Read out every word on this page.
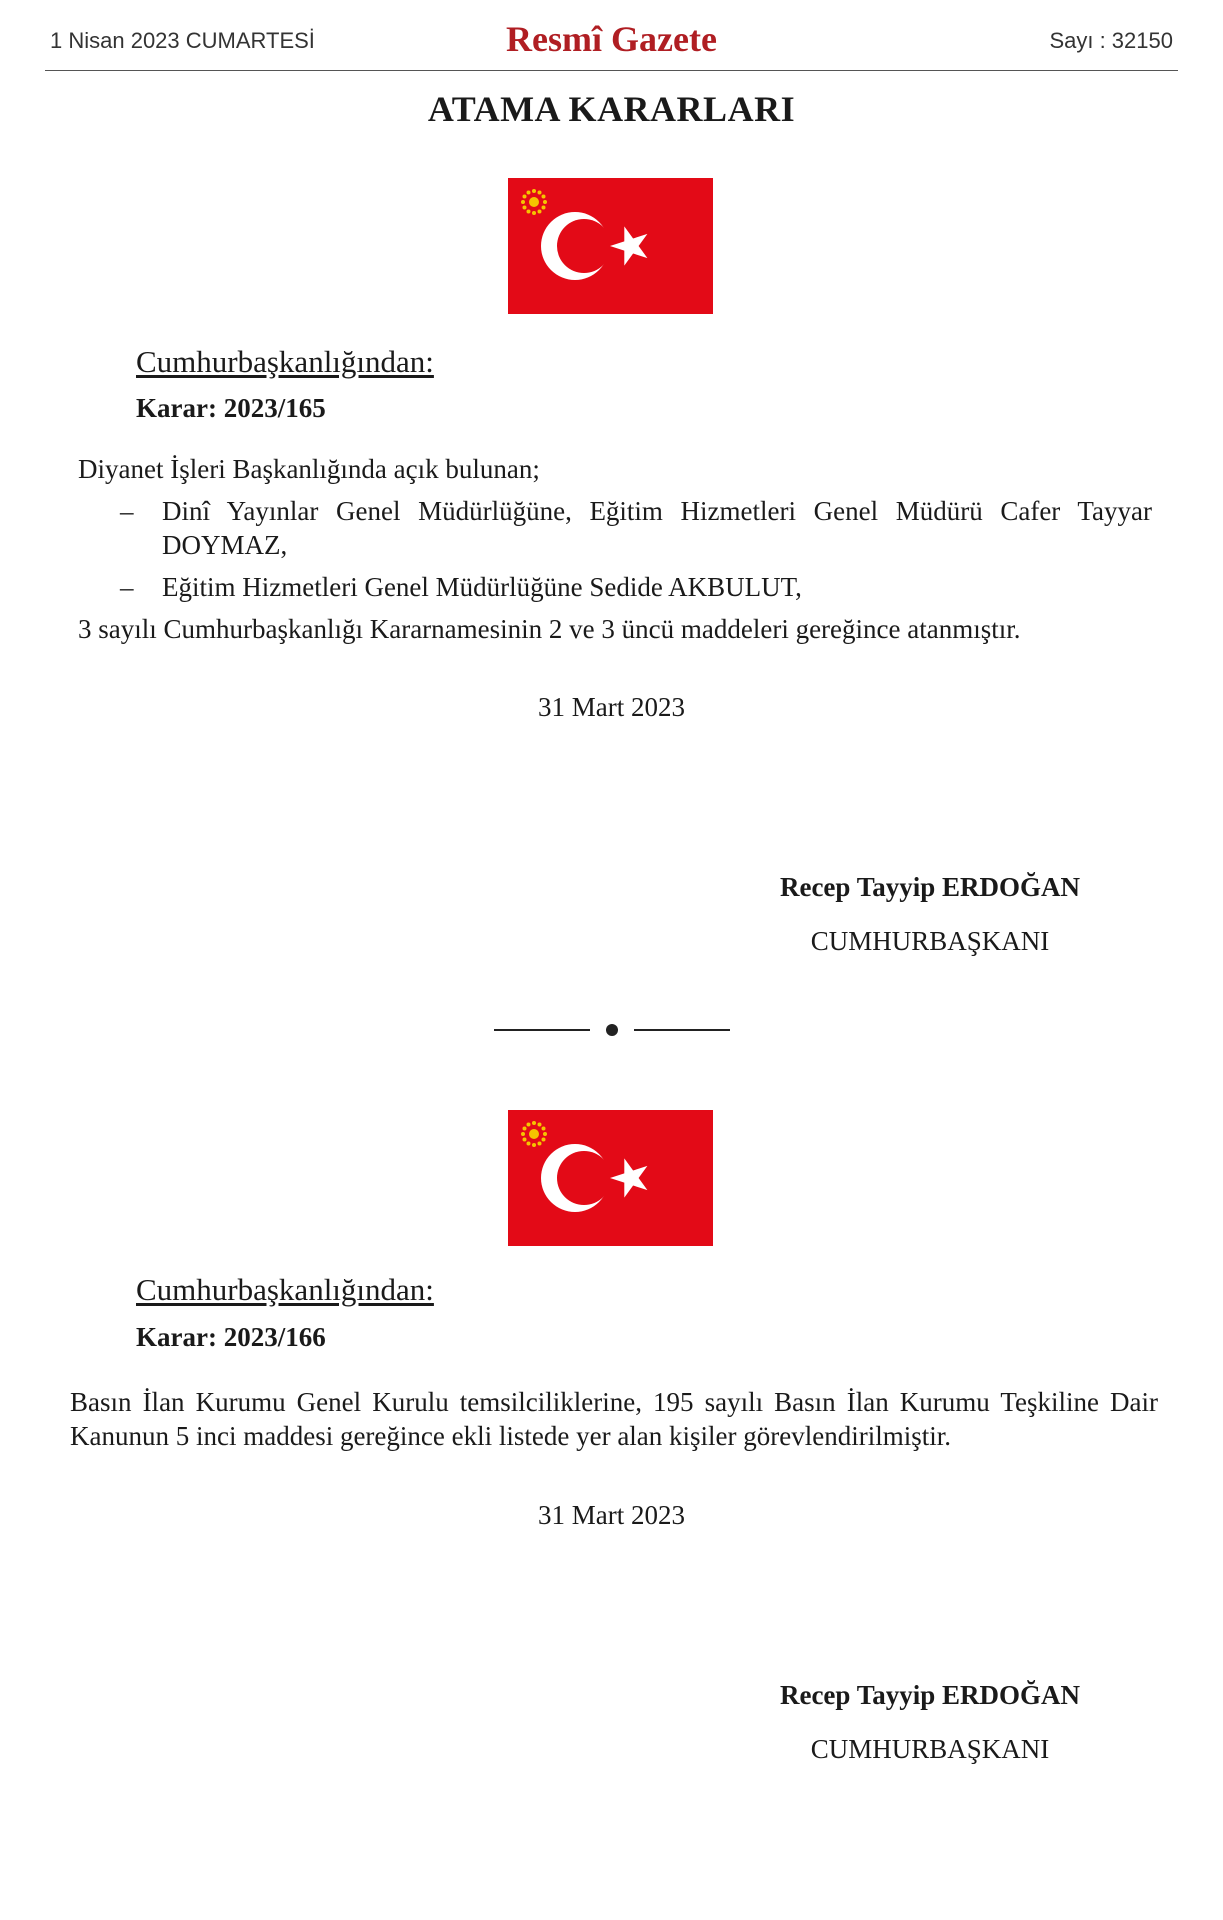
1 Nisan 2023 CUMARTESİ	Resmî Gazete	Sayı : 32150
ATAMA KARARLARI
Cumhurbaşkanlığından:
Karar: 2023/165
Diyanet İşleri Başkanlığında açık bulunan;
– Dinî Yayınlar Genel Müdürlüğüne, Eğitim Hizmetleri Genel Müdürü Cafer Tayyar DOYMAZ,
– Eğitim Hizmetleri Genel Müdürlüğüne Sedide AKBULUT,
3 sayılı Cumhurbaşkanlığı Kararnamesinin 2 ve 3 üncü maddeleri gereğince atanmıştır.
31 Mart 2023
Recep Tayyip ERDOĞAN
CUMHURBAŞKANI
Cumhurbaşkanlığından:
Karar: 2023/166
Basın İlan Kurumu Genel Kurulu temsilciliklerine, 195 sayılı Basın İlan Kurumu Teşkiline Dair Kanunun 5 inci maddesi gereğince ekli listede yer alan kişiler görevlendirilmiştir.
31 Mart 2023
Recep Tayyip ERDOĞAN
CUMHURBAŞKANI
